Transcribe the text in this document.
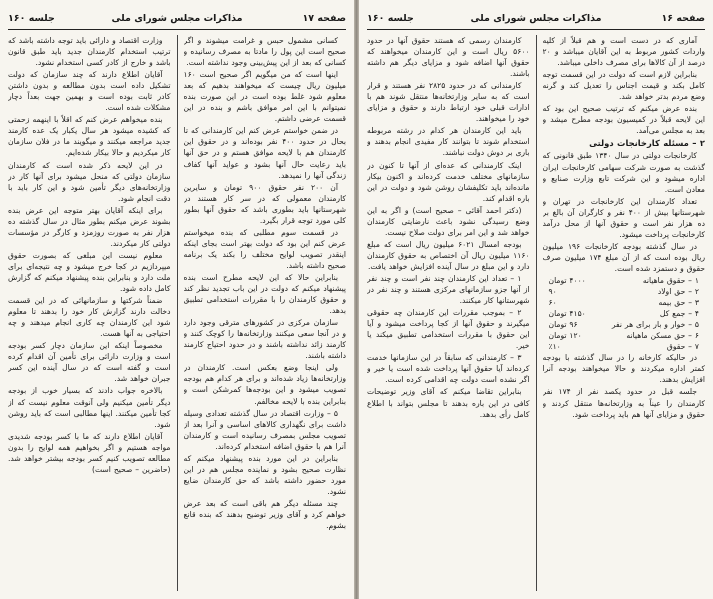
صفحه ۱۷
مذاکرات مجلس شورای ملی
جلسه ۱۶۰

کسانی مشمول حبس و غرامت میشوند و اگر صحیح است این پول را مادتا به مصرف رسانیده و کسانی که بعد از این پیش‌بینی وجود نداشته است.

اینها است که من میگویم اگر صحیح است ۱۶۰ میلیون ریال چیست که میخواهند بدهیم که بعد معلوم شود غلط بوده است در این صورت بنده نمیتوانم با این امر موافق باشم و بنده در این قسمت عرضی داشتم.

در ضمن خواستم عرض کنم این کارمندانی که تا بحال در حدود ۴۰۰ نفر بوده‌اند و در حقوق این کارمندان هم با لایحه موافق هستم و در حق آنها باید رعایت حال آنها بشود و عواید آنها کفاف زندگی آنها را نمیدهد.

آن ۲۰۰ نفر حقوق ۹۰۰ تومان و سایرین کارمندان معمولی که در سر کار هستند در شهرستانها باید بطوری باشد که حقوق آنها بطور کلی مورد توجه قرار بگیرد.

در قسمت سوم مطلبی که بنده میخواستم عرض کنم این بود که دولت بهتر است بجای اینکه اینقدر تصویب لوایح مختلف را بکند یک برنامه صحیح داشته باشد.

بنابراین حالا که این لایحه مطرح است بنده پیشنهاد میکنم که دولت در این باب تجدید نظر کند و حقوق کارمندان را با مقررات استخدامی تطبیق بدهد.

سازمان مرکزی در کشورهای مترقی وجود دارد و در آنجا سعی میکنند وزارتخانه‌ها را کوچک کنند و کارمند زائد نداشته باشند و در حدود احتیاج کارمند داشته باشند.

ولی اینجا وضع بعکس است. کارمندان در وزارتخانه‌ها زیاد شده‌اند و برای هر کدام هم بودجه تصویب میشود و این بودجه‌ها کمرشکن است و بنابراین بنده با لایحه مخالفم.

۵ – وزارت اقتصاد در سال گذشته تعدادی وسیله داشت برای نگهداری کالاهای اساسی و آنرا بعد از تصویب مجلس بمصرف رسانیده است و کارمندان آنرا هم با حقوق اضافه استخدام کرده‌اند.

بنابراین در این مورد بنده پیشنهاد میکنم که نظارت صحیح بشود و نماینده مجلس هم در این مورد حضور داشته باشد که حق کارمندان ضایع نشود.

چند مسئله دیگر هم باقی است که بعد عرض خواهم کرد و آقای وزیر توضیح بدهند که بنده قانع بشوم.

وزارت اقتصاد و دارائی باید توجه داشته باشد که ترتیب استخدام کارمندان جدید باید طبق قانون باشد و خارج از کادر کسی استخدام نشود.

آقایان اطلاع دارند که چند سازمان که دولت تشکیل داده است بدون مطالعه و بدون داشتن کادر ثابت بوده است و بهمین جهت بعداً دچار مشکلات شده است.

بنده میخواهم عرض کنم که اقلاً با اینهمه زحمتی که کشیده میشود هر سال یکبار یک عده کارمند جدید مراجعه میکنند و میگویند ما در فلان سازمان کار میکردیم و حالا بیکار شده‌ایم.

در این لایحه ذکر شده است که کارمندان سازمان دولتی که منحل میشود برای آنها کار در وزارتخانه‌های دیگر تأمین شود و این کار باید با دقت انجام شود.

برای اینکه آقایان بهتر متوجه این عرض بنده بشوند عرض میکنم بطور مثال در سال گذشته ده هزار نفر به صورت روزمزد و کارگر در مؤسسات دولتی کار میکردند.

معلوم نیست این مبلغی که بصورت حقوق میپردازیم در کجا خرج میشود و چه نتیجه‌ای برای ملت دارد و بنابراین بنده پیشنهاد میکنم که گزارش کامل داده شود.

ضمناً شرکتها و سازمانهائی که در این قسمت دخالت دارند گزارش کار خود را بدهند تا معلوم شود این کارمندان چه کاری انجام میدهند و چه احتیاجی به آنها هست.

مخصوصاً اینکه این سازمان دچار کسر بودجه است و وزارت دارائی برای تأمین آن اقدام کرده است و گفته است که در سال آینده این کسر جبران خواهد شد.

بالاخره جواب دادند که بسیار خوب از بودجه دیگر تأمین میکنیم ولی آنوقت معلوم نیست که از کجا تأمین میکنند. اینها مطالبی است که باید روشن شود.

آقایان اطلاع دارند که ما با کسر بودجه شدیدی مواجه هستیم و اگر بخواهیم همه لوایح را بدون مطالعه تصویب کنیم کسر بودجه بیشتر خواهد شد. (حاضرین – صحیح است)

صفحه ۱۶
مذاکرات مجلس شورای ملی
جلسه ۱۶۰

آماری که در دست است و هم قبلاً از کلیه واردات کشور مربوط به این آقایان میباشد و ۲۰ درصد از آن کالاها برای مصرف داخلی میباشد.

بنابراین لازم است که دولت در این قسمت توجه کامل بکند و قیمت اجناس را تعدیل کند و گرنه وضع مردم بدتر خواهد شد.

بنده عرض میکنم که ترتیب صحیح این بود که این لایحه قبلاً در کمیسیون بودجه مطرح میشد و بعد به مجلس می‌آمد.

۲ – مسئله کارخانجات دولتی

کارخانجات دولتی در سال ۱۳۴۰ طبق قانونی که گذشت به صورت شرکت سهامی کارخانجات ایران اداره میشود و این شرکت تابع وزارت صنایع و معادن است.

تعداد کارمندان این کارخانجات در تهران و شهرستانها بیش از ۴۰۰ نفر و کارگران آن بالغ بر ده هزار نفر است و حقوق آنها از محل درآمد کارخانجات پرداخت میشود.

در سال گذشته بودجه کارخانجات ۱۹۶ میلیون ریال بوده است که از آن مبلغ ۱۷۴ میلیون صرف حقوق و دستمزد شده است.

۱ – حقوق ماهیانه
۴۰۰۰ تومان
۲ – حق اولاد
۹۰
۳ – حق بیمه
۶۰
۴ – جمع کل
۴۱۵۰ تومان
۵ – خوار و بار برای هر نفر
۹۶ تومان
۶ – حق مسکن ماهیانه
۱۲۰ تومان
۷ – حقوق
٪۱۰

در حالیکه کارخانه را در سال گذشته با بودجه کمتر اداره میکردند و حالا میخواهند بودجه آنرا افزایش بدهند.

جلسه قبل در حدود یکصد نفر از ۱۷۴ نفر کارمندان را عیناً به وزارتخانه‌ها منتقل کردند و حقوق و مزایای آنها هم باید پرداخت شود.

کارمندان رسمی که هستند حقوق آنها در حدود ۵۶۰۰ ریال است و این کارمندان میخواهند که حقوق آنها اضافه شود و مزایای دیگر هم داشته باشند.

کارمندانی که در حدود ۲۸۲۵ نفر هستند و قرار است که به سایر وزارتخانه‌ها منتقل شوند هم با ادارات قبلی خود ارتباط دارند و حقوق و مزایای خود را میخواهند.

باید این کارمندان هر کدام در رشته مربوطه استخدام شوند تا بتوانند کار مفیدی انجام بدهند و باری بر دوش دولت نباشند.

اینک کارمندانی که عده‌ای از آنها تا کنون در سازمانهای مختلف خدمت کرده‌اند و اکنون بیکار مانده‌اند باید تکلیفشان روشن شود و دولت در این باره اقدام کند.

(دکتر احمد آقائی – صحیح است) و اگر به این وضع رسیدگی نشود باعث نارضایتی کارمندان خواهد شد و این امر برای دولت صلاح نیست.

بودجه امسال ۶۰۲۱ میلیون ریال است که مبلغ ۱۱۶۰ میلیون ریال آن اختصاص به حقوق کارمندان دارد و این مبلغ در سال آینده افزایش خواهد یافت.

۱ – تعداد این کارمندان چند نفر است و چند نفر از آنها جزو سازمانهای مرکزی هستند و چند نفر در شهرستانها کار میکنند.

۲ – بموجب مقررات این کارمندان چه حقوقی میگیرند و حقوق آنها از کجا پرداخت میشود و آیا این حقوق با مقررات استخدامی تطبیق میکند یا خیر.

۳ – کارمندانی که سابقاً در این سازمانها خدمت کرده‌اند آیا حقوق آنها پرداخت شده است یا خیر و اگر نشده است دولت چه اقدامی کرده است.

بنابراین تقاضا میکنم که آقای وزیر توضیحات کافی در این باره بدهند تا مجلس بتواند با اطلاع کامل رأی بدهد.
